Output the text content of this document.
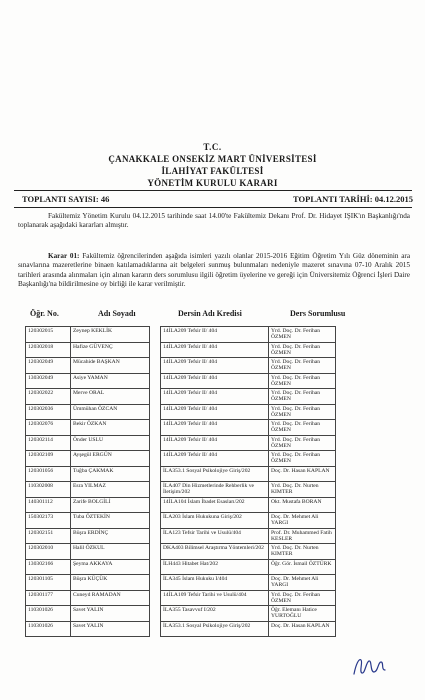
T.C.
ÇANAKKALE ONSEKİZ MART ÜNİVERSİTESİ
İLAHİYAT FAKÜLTESİ
YÖNETİM KURULU KARARI
TOPLANTI SAYISI: 46	TOPLANTI TARİHİ: 04.12.2015

Fakültemiz Yönetim Kurulu 04.12.2015 tarihinde saat 14.00'te Fakültemiz Dekanı Prof. Dr. Hidayet IŞIK'ın Başkanlığı'nda toplanarak aşağıdaki kararları almıştır.

Karar 01: Fakültemiz öğrencilerinden aşağıda isimleri yazılı olanlar 2015-2016 Eğitim Öğretim Yılı Güz döneminin ara sınavlarına mazeretlerine binaen katılamadıklarına ait belgeleri sunmuş bulunmaları nedeniyle mazeret sınavına 07-10 Aralık 2015 tarihleri arasında alınmaları için alınan kararın ders sorumlusu ilgili öğretim üyelerine ve gereği için Üniversitemiz Öğrenci İşleri Daire Başkanlığı'na bildirilmesine oy birliği ile karar verilmiştir.

Öğr. No.	Adı Soyadı	Dersin Adı Kredisi	Ders Sorumlusu
120302015	Zeynep KEKLİK		14İLA209 Tefsir II/ 404	Yrd. Doç. Dr. Ferihan ÖZMEN
120302018	Hafize GÜVENÇ		14İLA209 Tefsir II/ 404	Yrd. Doç. Dr. Ferihan ÖZMEN
120302049	Mücahide BAŞKAN		14İLA209 Tefsir II/ 404	Yrd. Doç. Dr. Ferihan ÖZMEN
130302049	Asiye YAMAN		14İLA209 Tefsir II/ 404	Yrd. Doç. Dr. Ferihan ÖZMEN
120302022	Merve ORAL		14İLA209 Tefsir II/ 404	Yrd. Doç. Dr. Ferihan ÖZMEN
120302036	Ümmühan ÖZCAN		14İLA209 Tefsir II/ 404	Yrd. Doç. Dr. Ferihan ÖZMEN
120302076	Bekir ÖZKAN		14İLA209 Tefsir II/ 404	Yrd. Doç. Dr. Ferihan ÖZMEN
120302114	Önder USLU		14İLA209 Tefsir II/ 404	Yrd. Doç. Dr. Ferihan ÖZMEN
120302109	Ayşegül ERGÜN		14İLA209 Tefsir II/ 404	Yrd. Doç. Dr. Ferihan ÖZMEN
120301056	Tuğba ÇAKMAK		İLA353.1 Sosyal Psikolojiye Giriş/202	Doç. Dr. Hasan KAPLAN
110302008	Esra YILMAZ		İLA407 Din Hizmetlerinde Rehberlik ve İletişim/202	Yrd. Doç. Dr. Nurten KIMTER
140301112	Zarife BOLGİLİ		14İLA104 İslam İbadet Esasları/202	Okt. Mustafa BORAN
150302173	Tuba ÖZTEKİN		İLA203 İslam Hukukuna Giriş/202	Doç. Dr. Mehmet Ali YARGI
120302151	Büşra ERDİNÇ		İLA123 Tefsir Tarihi ve Usulü/404	Prof. Dr. Muhammed Fatih KESLER
120302010	Halil ÖZKUL		DKA403 Bilimsel Araştırma Yöntemleri/202	Yrd. Doç. Dr. Nurten KIMTER
130302166	Şeyma AKKAYA		İLH443 Hitabet Hat/202	Öğr. Gör. İsmail ÖZTÜRK
120301105	Büşra KÜÇÜK		İLA345 İslam Hukuku I/404	Doç. Dr. Mehmet Ali YARGI
120301177	Cuneyd RAMADAN		14İLA109 Tefsir Tarihi ve Usulü/404	Yrd. Doç. Dr. Ferihan ÖZMEN
110301026	Savet YALIN		İLA355 Tasavvuf I/202	Öğr. Elemanı Hatice YURTOĞLU
110301026	Savet YALIN		İLA353.1 Sosyal Psikolojiye Giriş/202	Doç. Dr. Hasan KAPLAN
